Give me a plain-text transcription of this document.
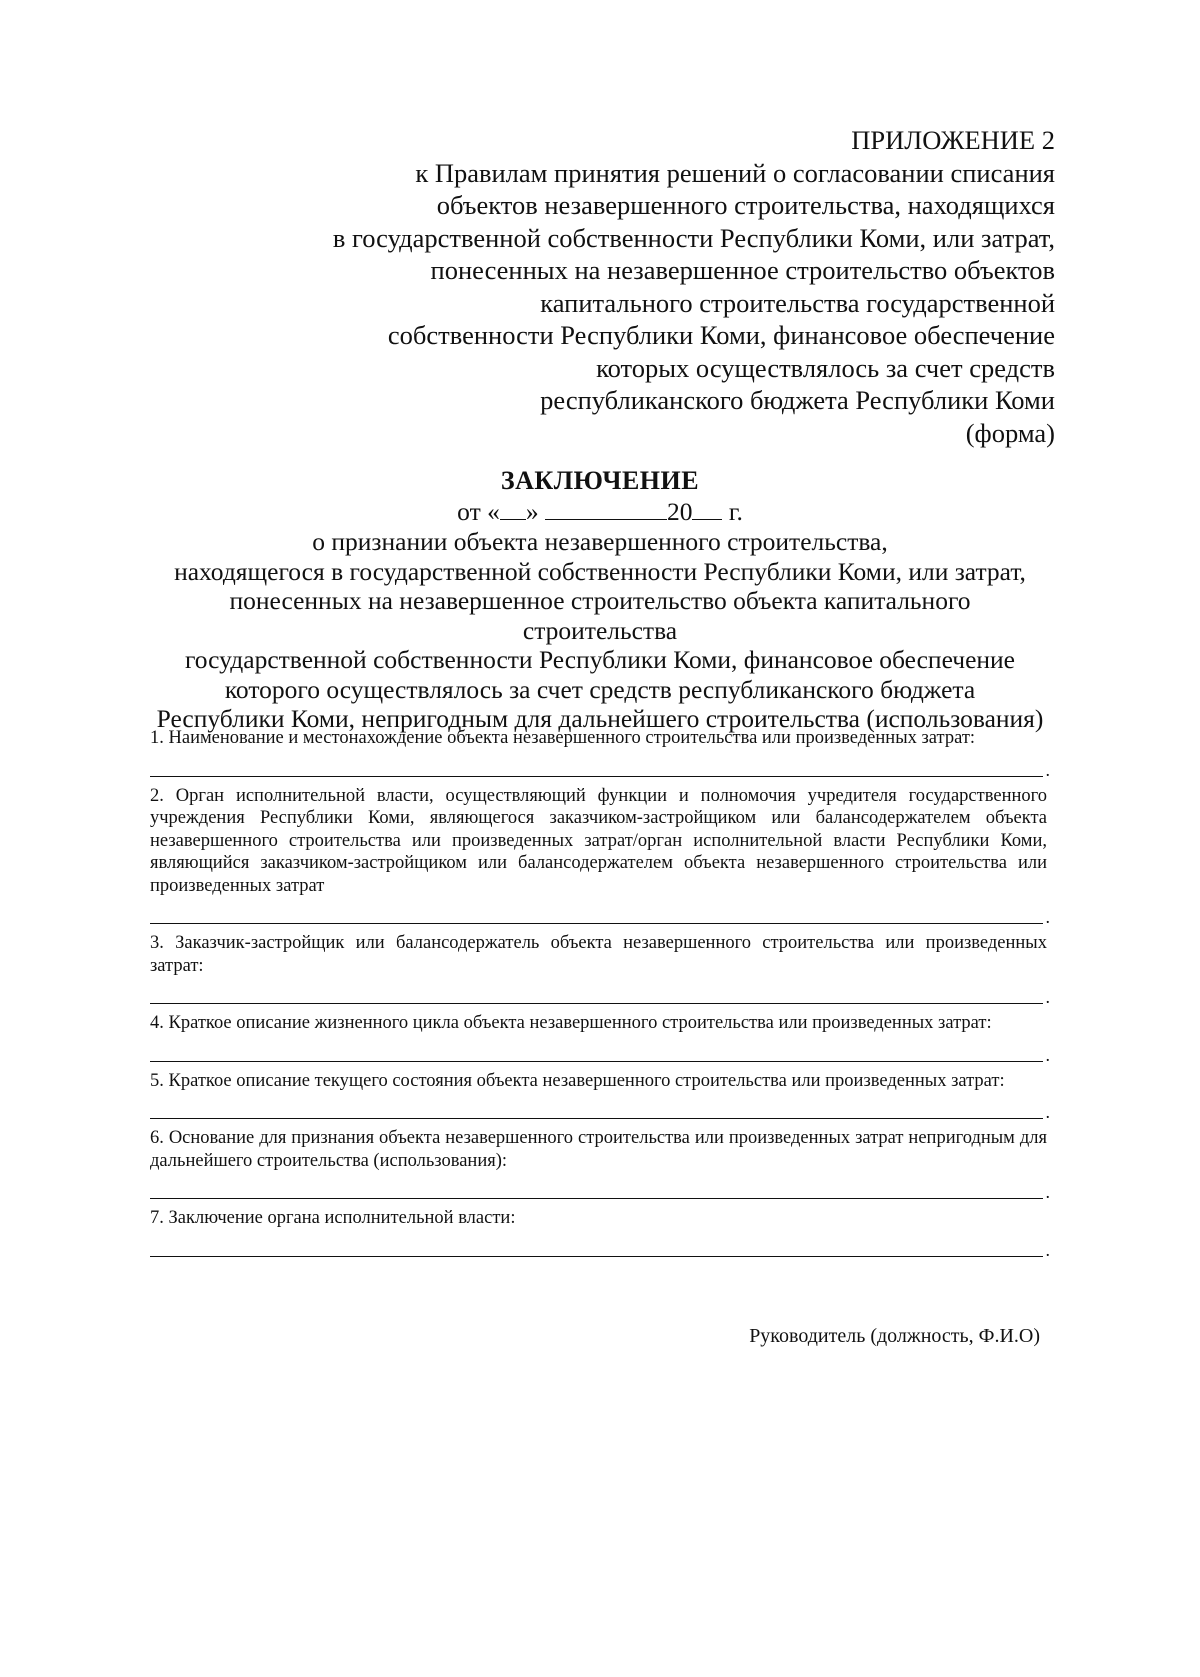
ПРИЛОЖЕНИЕ 2
к Правилам принятия решений о согласовании списания
объектов незавершенного строительства, находящихся
в государственной собственности Республики Коми, или затрат,
понесенных на незавершенное строительство объектов
капитального строительства государственной
собственности Республики Коми, финансовое обеспечение
которых осуществлялось за счет средств
республиканского бюджета Республики Коми
(форма)
ЗАКЛЮЧЕНИЕ
от « »	20 г.
о признании объекта незавершенного строительства,
находящегося в государственной собственности Республики Коми, или затрат,
понесенных на незавершенное строительство объекта капитального строительства
государственной собственности Республики Коми, финансовое обеспечение
которого осуществлялось за счет средств республиканского бюджета
Республики Коми, непригодным для дальнейшего строительства (использования)
1. Наименование и местонахождение объекта незавершенного строительства или произведенных затрат:
.
2. Орган исполнительной власти, осуществляющий функции и полномочия учредителя государственного учреждения Республики Коми, являющегося заказчиком-застройщиком или балансодержателем объекта незавершенного строительства или произведенных затрат/орган исполнительной власти Республики Коми, являющийся заказчиком-застройщиком или балансодержателем объекта незавершенного строительства или произведенных затрат
.
3. Заказчик-застройщик или балансодержатель объекта незавершенного строительства или произведенных затрат:
.
4. Краткое описание жизненного цикла объекта незавершенного строительства или произведенных затрат:
.
5. Краткое описание текущего состояния объекта незавершенного строительства или произведенных затрат:
.
6. Основание для признания объекта незавершенного строительства или произведенных затрат непригодным для дальнейшего строительства (использования):
.
7. Заключение органа исполнительной власти:
.
Руководитель (должность, Ф.И.О)
